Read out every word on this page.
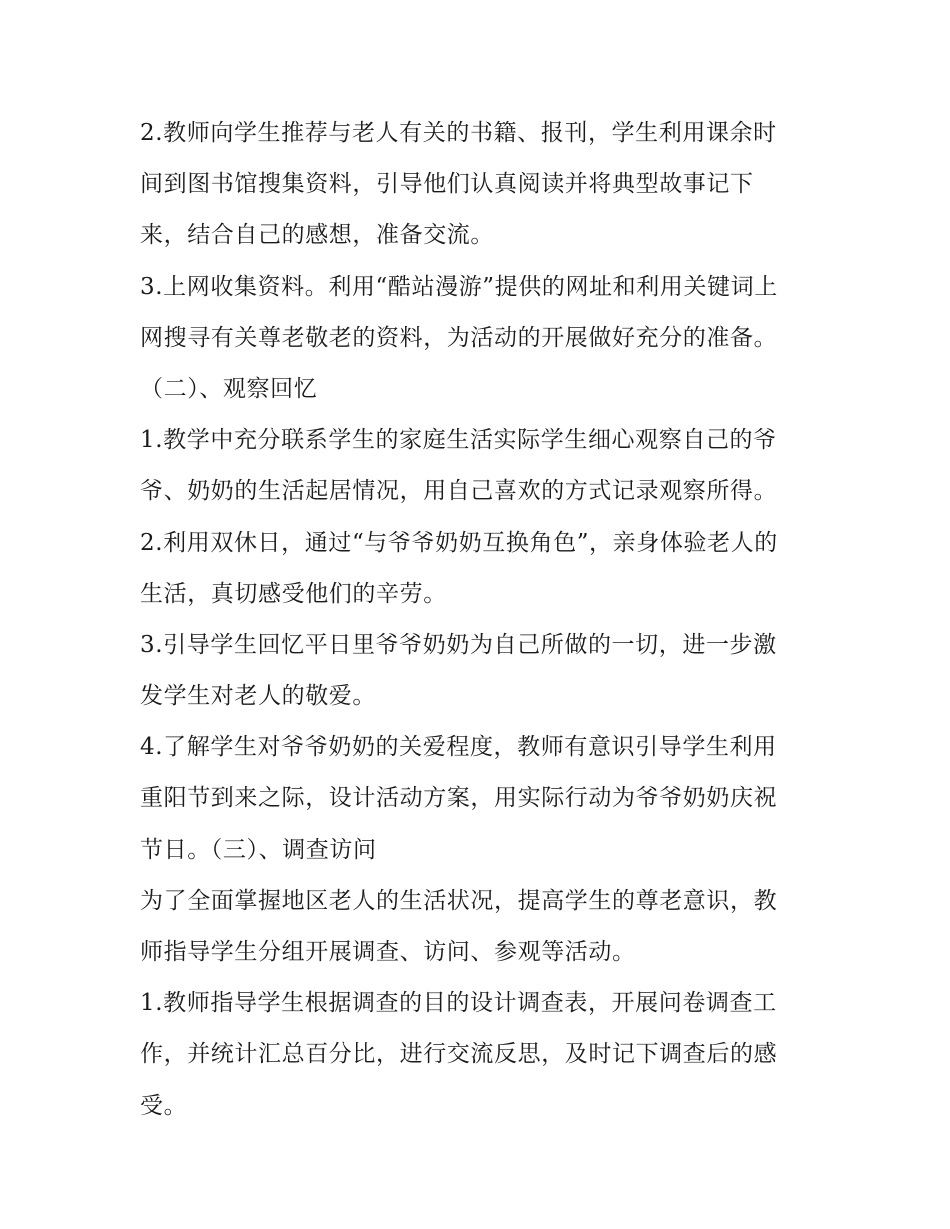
2.教师向学生推荐与老人有关的书籍、报刊，学生利用课余时
间到图书馆搜集资料，引导他们认真阅读并将典型故事记下
来，结合自己的感想，准备交流。
3.上网收集资料。利用“酷站漫游”提供的网址和利用关键词上
网搜寻有关尊老敬老的资料，为活动的开展做好充分的准备。
（二）、观察回忆
1.教学中充分联系学生的家庭生活实际学生细心观察自己的爷
爷、奶奶的生活起居情况，用自己喜欢的方式记录观察所得。
2.利用双休日，通过“与爷爷奶奶互换角色”，亲身体验老人的
生活，真切感受他们的辛劳。
3.引导学生回忆平日里爷爷奶奶为自己所做的一切，进一步激
发学生对老人的敬爱。
4.了解学生对爷爷奶奶的关爱程度，教师有意识引导学生利用
重阳节到来之际，设计活动方案，用实际行动为爷爷奶奶庆祝
节日。（三）、调查访问
为了全面掌握地区老人的生活状况，提高学生的尊老意识，教
师指导学生分组开展调查、访问、参观等活动。
1.教师指导学生根据调查的目的设计调查表，开展问卷调查工
作，并统计汇总百分比，进行交流反思，及时记下调查后的感
受。
